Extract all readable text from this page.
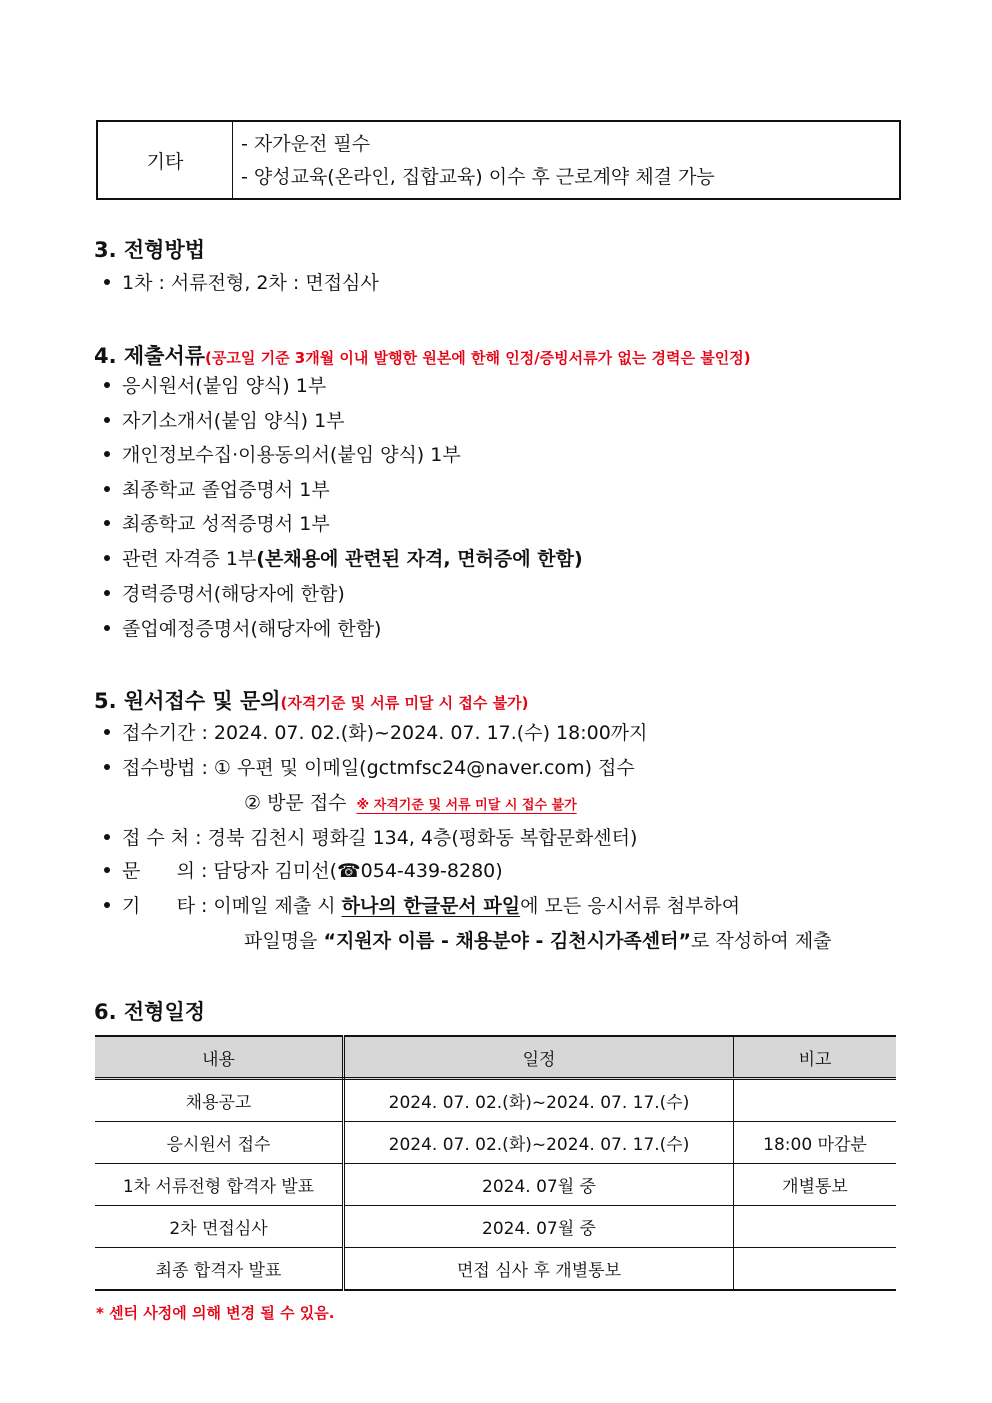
기타
- 자가운전 필수
- 양성교육(온라인, 집합교육) 이수 후 근로계약 체결 가능
3. 전형방법
1차 : 서류전형, 2차 : 면접심사
4. 제출서류(공고일 기준 3개월 이내 발행한 원본에 한해 인정/증빙서류가 없는 경력은 불인정)
응시원서(붙임 양식) 1부
자기소개서(붙임 양식) 1부
개인정보수집·이용동의서(붙임 양식) 1부
최종학교 졸업증명서 1부
최종학교 성적증명서 1부
관련 자격증 1부(본채용에 관련된 자격, 면허증에 한함)
경력증명서(해당자에 한함)
졸업예정증명서(해당자에 한함)
5. 원서접수 및 문의(자격기준 및 서류 미달 시 접수 불가)
접수기간 : 2024. 07. 02.(화)~2024. 07. 17.(수) 18:00까지
접수방법 : ① 우편 및 이메일(gctmfsc24@naver.com) 접수
② 방문 접수 ※ 자격기준 및 서류 미달 시 접수 불가
접 수 처 : 경북 김천시 평화길 134, 4층(평화동 복합문화센터)
문      의 : 담당자 김미선(☎054-439-8280)
기      타 : 이메일 제출 시 하나의 한글문서 파일에 모든 응시서류 첨부하여
파일명을 “지원자 이름 - 채용분야 - 김천시가족센터”로 작성하여 제출
6. 전형일정
내용	일정	비고
채용공고	2024. 07. 02.(화)~2024. 07. 17.(수)	
응시원서 접수	2024. 07. 02.(화)~2024. 07. 17.(수)	18:00 마감분
1차 서류전형 합격자 발표	2024. 07월 중	개별통보
2차 면접심사	2024. 07월 중	
최종 합격자 발표	면접 심사 후 개별통보	
* 센터 사정에 의해 변경 될 수 있음.
